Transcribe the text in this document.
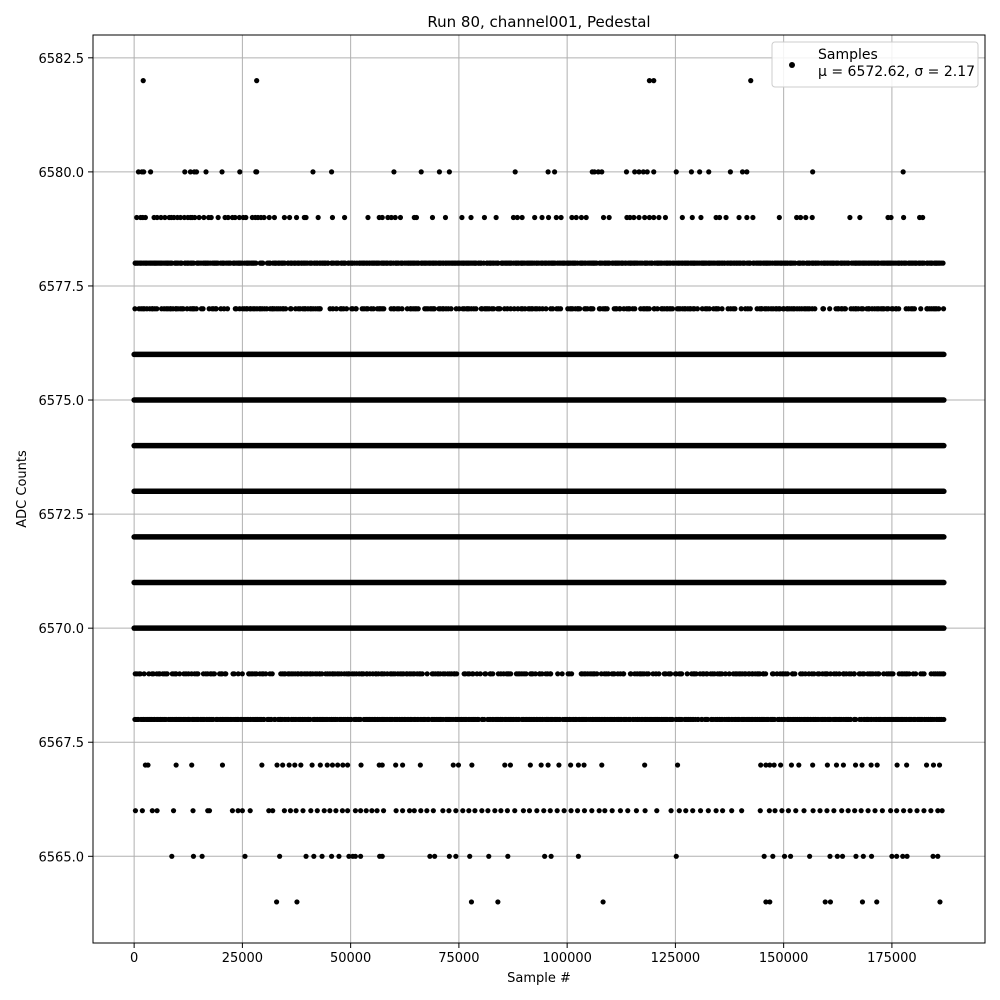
0	25000	50000	75000	100000	125000	150000	175000
6565.0
6567.5
6570.0
6572.5
6575.0
6577.5
6580.0
6582.5
Run 80, channel001, Pedestal
Sample #
ADC Counts
Samples
μ = 6572.62, σ = 2.17
